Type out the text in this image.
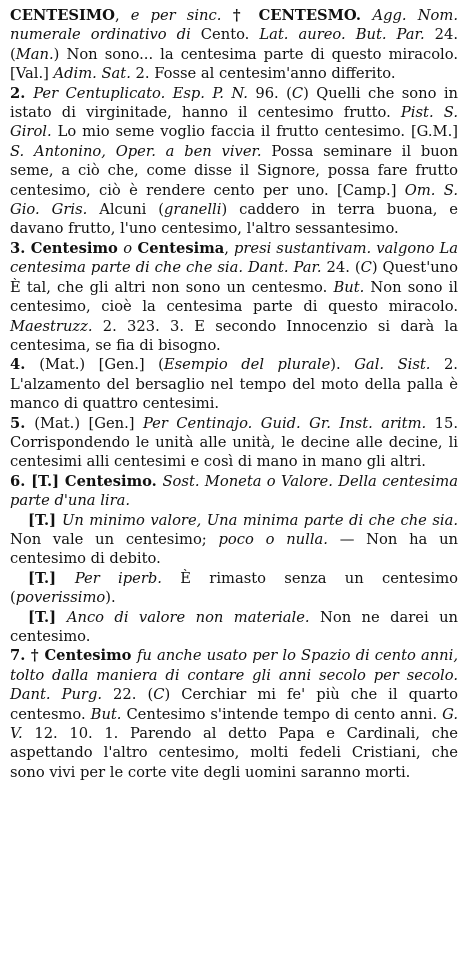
CENTESIMO, e per sinc. † CENTESMO. Agg. Nom. numerale ordinativo di Cento. Lat. aureo. But. Par. 24. (Man.) Non sono... la centesima parte di questo miracolo. [Val.] Adim. Sat. 2. Fosse al centesim'anno differito.

2. Per Centuplicato. Esp. P. N. 96. (C) Quelli che sono in istato di virginitade, hanno il centesimo frutto. Pist. S. Girol. Lo mio seme voglio faccia il frutto centesimo. [G.M.] S. Antonino, Oper. a ben viver. Possa seminare il buon seme, a ciò che, come disse il Signore, possa fare frutto centesimo, ciò è rendere cento per uno. [Camp.] Om. S. Gio. Gris. Alcuni (granelli) caddero in terra buona, e davano frutto, l'uno centesimo, l'altro sessantesimo.

3. Centesimo o Centesima, presi sustantivam. valgono La centesima parte di che che sia. Dant. Par. 24. (C) Quest'uno È tal, che gli altri non sono un centesmo. But. Non sono il centesimo, cioè la centesima parte di questo miracolo. Maestruzz. 2. 323. 3. E secondo Innocenzio si darà la centesima, se fia di bisogno.

4. (Mat.) [Gen.] (Esempio del plurale). Gal. Sist. 2. L'alzamento del bersaglio nel tempo del moto della palla è manco di quattro centesimi.

5. (Mat.) [Gen.] Per Centinajo. Guid. Gr. Inst. aritm. 15. Corrispondendo le unità alle unità, le decine alle decine, li centesimi alli centesimi e così di mano in mano gli altri.

6. [T.] Centesimo. Sost. Moneta o Valore. Della centesima parte d'una lira.

[T.] Un minimo valore, Una minima parte di che che sia. Non vale un centesimo; poco o nulla. — Non ha un centesimo di debito.

[T.] Per iperb. È rimasto senza un centesimo (poverissimo).

[T.] Anco di valore non materiale. Non ne darei un centesimo.

7. † Centesimo fu anche usato per lo Spazio di cento anni, tolto dalla maniera di contare gli anni secolo per secolo. Dant. Purg. 22. (C) Cerchiar mi fe' più che il quarto centesmo. But. Centesimo s'intende tempo di cento anni. G. V. 12. 10. 1. Parendo al detto Papa e Cardinali, che aspettando l'altro centesimo, molti fedeli Cristiani, che sono vivi per le corte vite degli uomini saranno morti.
